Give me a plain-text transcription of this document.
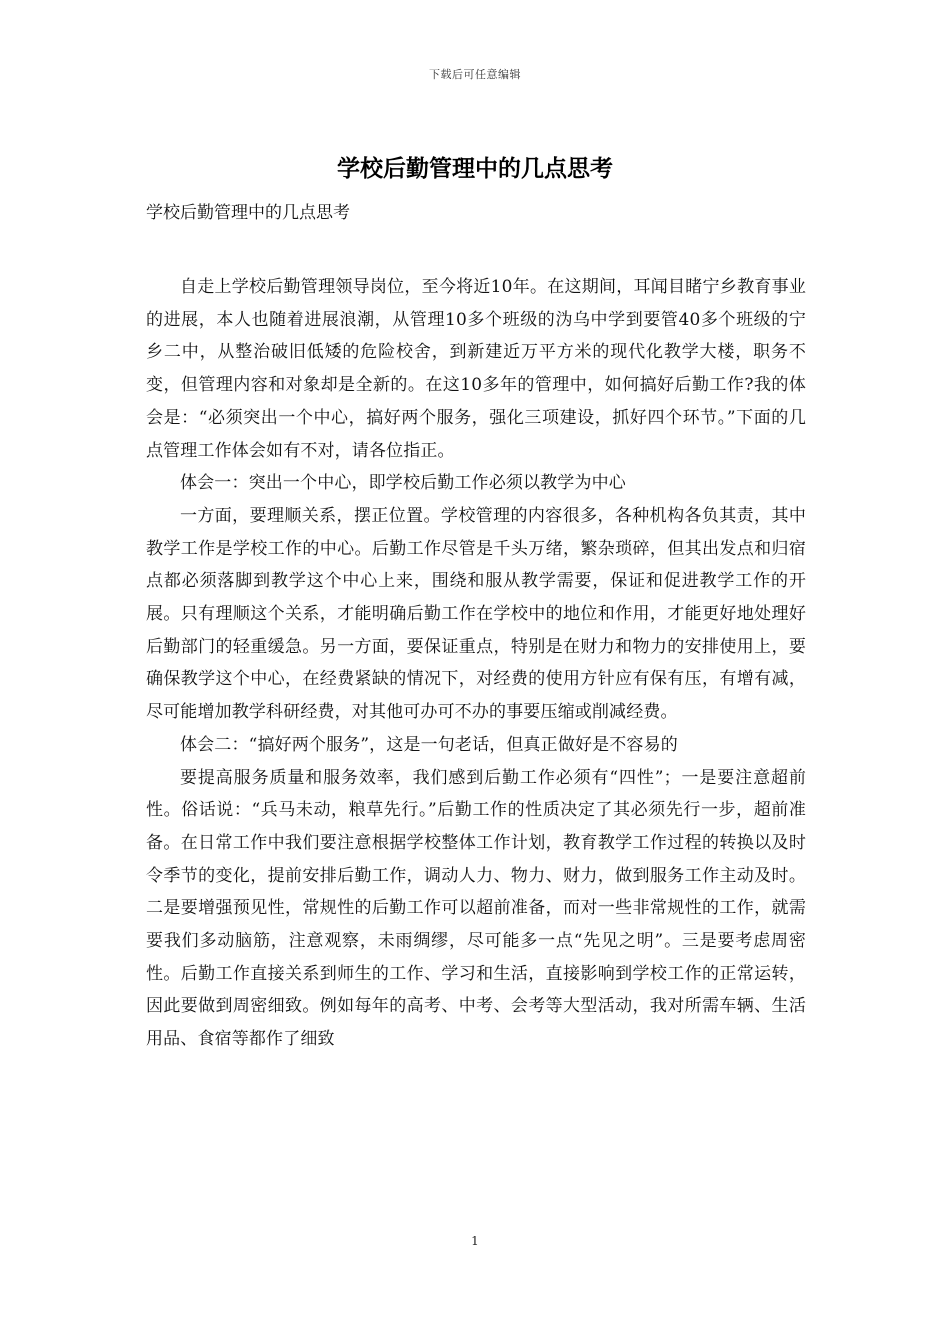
下载后可任意编辑
学校后勤管理中的几点思考

学校后勤管理中的几点思考

自走上学校后勤管理领导岗位，至今将近10年。在这期间，耳闻目睹宁乡教育事业的进展，本人也随着进展浪潮，从管理10多个班级的沩乌中学到要管40多个班级的宁乡二中，从整治破旧低矮的危险校舍，到新建近万平方米的现代化教学大楼，职务不变，但管理内容和对象却是全新的。在这10多年的管理中，如何搞好后勤工作?我的体会是：“必须突出一个中心，搞好两个服务，强化三项建设，抓好四个环节。”下面的几点管理工作体会如有不对，请各位指正。

体会一：突出一个中心，即学校后勤工作必须以教学为中心

一方面，要理顺关系，摆正位置。学校管理的内容很多，各种机构各负其责，其中教学工作是学校工作的中心。后勤工作尽管是千头万绪，繁杂琐碎，但其出发点和归宿点都必须落脚到教学这个中心上来，围绕和服从教学需要，保证和促进教学工作的开展。只有理顺这个关系，才能明确后勤工作在学校中的地位和作用，才能更好地处理好后勤部门的轻重缓急。另一方面，要保证重点，特别是在财力和物力的安排使用上，要确保教学这个中心，在经费紧缺的情况下，对经费的使用方针应有保有压，有增有减，尽可能增加教学科研经费，对其他可办可不办的事要压缩或削减经费。

体会二：“搞好两个服务”，这是一句老话，但真正做好是不容易的

要提高服务质量和服务效率，我们感到后勤工作必须有“四性”；一是要注意超前性。俗话说：“兵马未动，粮草先行。”后勤工作的性质决定了其必须先行一步，超前准备。在日常工作中我们要注意根据学校整体工作计划，教育教学工作过程的转换以及时令季节的变化，提前安排后勤工作，调动人力、物力、财力，做到服务工作主动及时。二是要增强预见性，常规性的后勤工作可以超前准备，而对一些非常规性的工作，就需要我们多动脑筋，注意观察，未雨绸缪，尽可能多一点“先见之明”。三是要考虑周密性。后勤工作直接关系到师生的工作、学习和生活，直接影响到学校工作的正常运转，因此要做到周密细致。例如每年的高考、中考、会考等大型活动，我对所需车辆、生活用品、食宿等都作了细致

1
